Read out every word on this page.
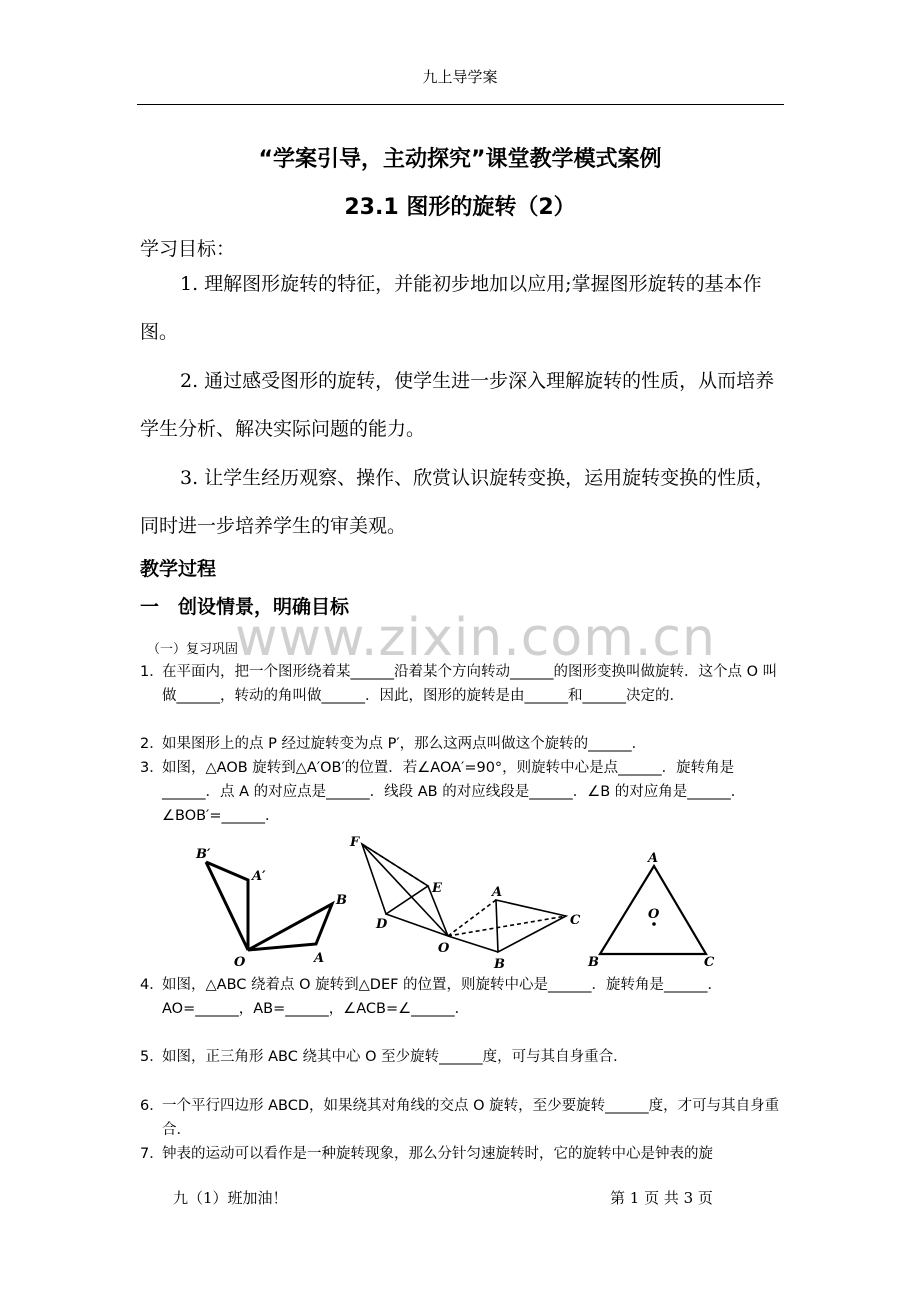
九上导学案
“学案引导，主动探究”课堂教学模式案例
23.1 图形的旋转（2）
学习目标：
1. 理解图形旋转的特征，并能初步地加以应用;掌握图形旋转的基本作图。
2. 通过感受图形的旋转，使学生进一步深入理解旋转的性质，从而培养学生分析、解决实际问题的能力。
3. 让学生经历观察、操作、欣赏认识旋转变换，运用旋转变换的性质，同时进一步培养学生的审美观。
教学过程
一　创设情景，明确目标
www.zixin.com.cn
（一）复习巩固
1．
在平面内，把一个图形绕着某______沿着某个方向转动______的图形变换叫做旋转．这个点 O 叫做______，转动的角叫做______．因此，图形的旋转是由______和______决定的．
2．
如果图形上的点 P 经过旋转变为点 P′，那么这两点叫做这个旋转的______．
3．
如图，△AOB 旋转到△A′OB′的位置．若∠AOA′=90°，则旋转中心是点______．旋转角是______．点 A 的对应点是______．线段 AB 的对应线段是______．∠B 的对应角是______．∠BOB′=______．
B′
A′
B
O	A
F
E
D
O
A
B
C
A
O
B	C
4．
如图，△ABC 绕着点 O 旋转到△DEF 的位置，则旋转中心是______．旋转角是______．AO=______，AB=______，∠ACB=∠______．
5．
如图，正三角形 ABC 绕其中心 O 至少旋转______度，可与其自身重合．
6．
一个平行四边形 ABCD，如果绕其对角线的交点 O 旋转，至少要旋转______度，才可与其自身重合．
7．
钟表的运动可以看作是一种旋转现象，那么分针匀速旋转时，它的旋转中心是钟表的旋
九（1）班加油！	第 1 页 共 3 页
